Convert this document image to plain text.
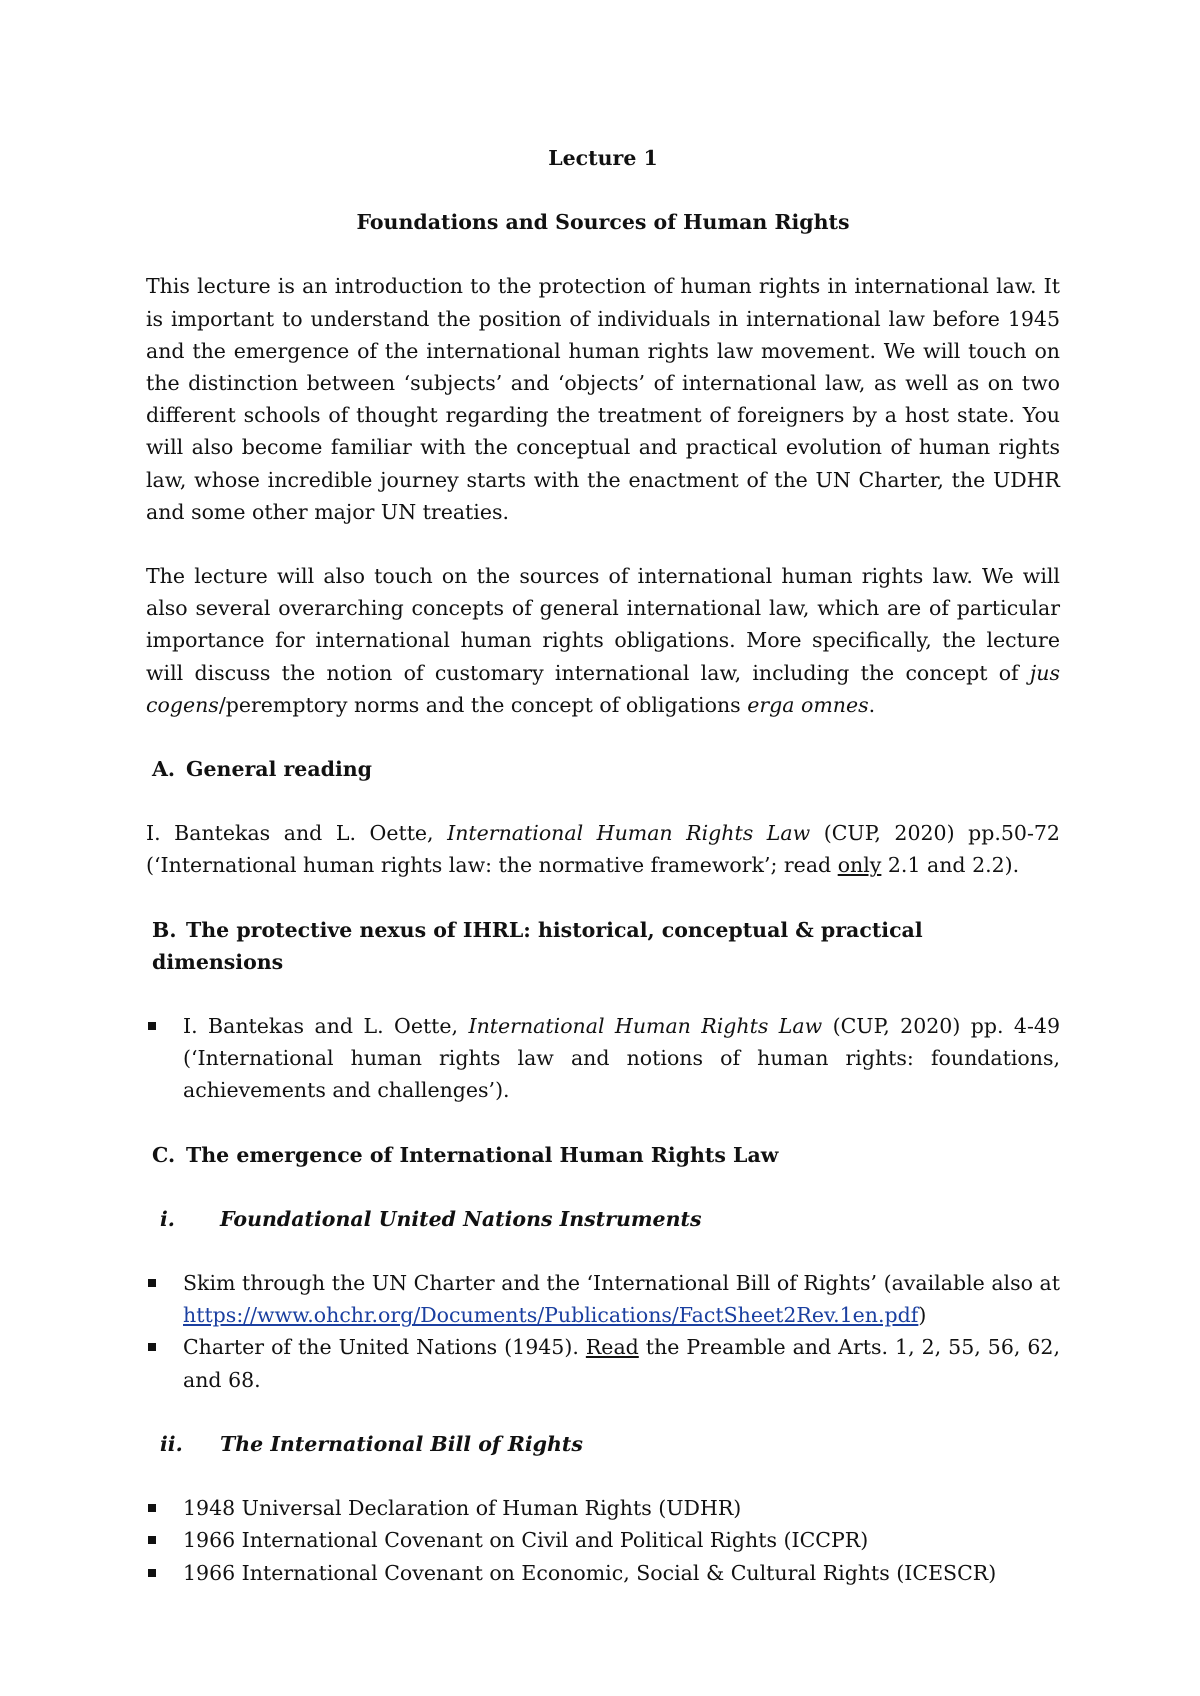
Lecture 1
Foundations and Sources of Human Rights

This lecture is an introduction to the protection of human rights in international law. It is important to understand the position of individuals in international law before 1945 and the emergence of the international human rights law movement. We will touch on the distinction between ‘subjects’ and ‘objects’ of international law, as well as on two different schools of thought regarding the treatment of foreigners by a host state. You will also become familiar with the conceptual and practical evolution of human rights law, whose incredible journey starts with the enactment of the UN Charter, the UDHR and some other major UN treaties.

The lecture will also touch on the sources of international human rights law. We will also several overarching concepts of general international law, which are of particular importance for international human rights obligations. More specifically, the lecture will discuss the notion of customary international law, including the concept of jus cogens/peremptory norms and the concept of obligations erga omnes.

A. General reading

I. Bantekas and L. Oette, International Human Rights Law (CUP, 2020) pp.50-72 (‘International human rights law: the normative framework’; read only 2.1 and 2.2).

B. The protective nexus of IHRL: historical, conceptual & practical dimensions
I. Bantekas and L. Oette, International Human Rights Law (CUP, 2020) pp. 4-49 (‘International human rights law and notions of human rights: foundations, achievements and challenges’).
C. The emergence of International Human Rights Law
i. Foundational United Nations Instruments
Skim through the UN Charter and the ‘International Bill of Rights’ (available also at https://www.ohchr.org/Documents/Publications/FactSheet2Rev.1en.pdf)
Charter of the United Nations (1945). Read the Preamble and Arts. 1, 2, 55, 56, 62, and 68.
ii. The International Bill of Rights
1948 Universal Declaration of Human Rights (UDHR)
1966 International Covenant on Civil and Political Rights (ICCPR)
1966 International Covenant on Economic, Social & Cultural Rights (ICESCR)
